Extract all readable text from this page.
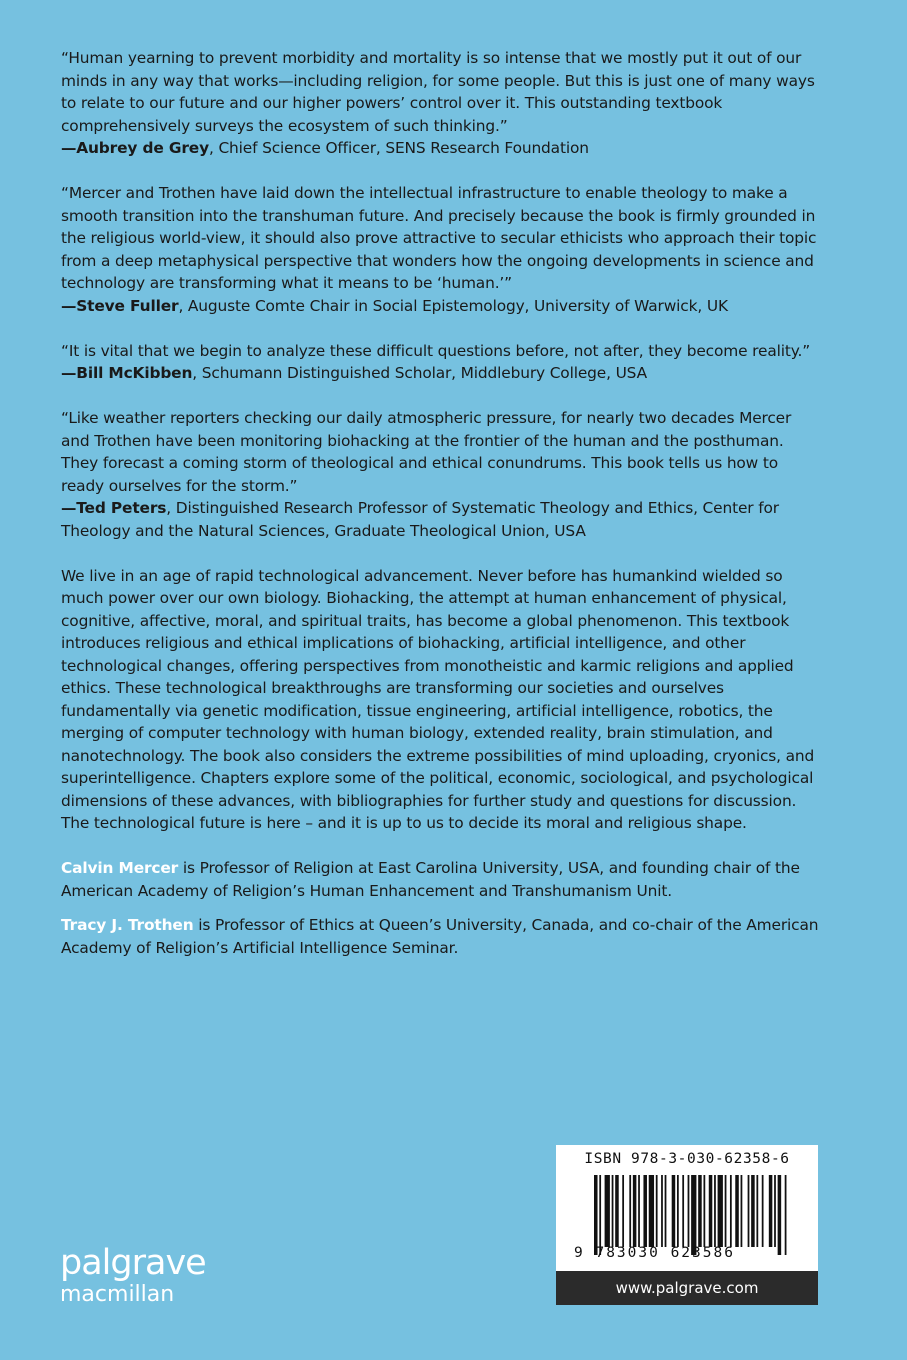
“Human yearning to prevent morbidity and mortality is so intense that we mostly put it out of our minds in any way that works—including religion, for some people. But this is just one of many ways to relate to our future and our higher powers’ control over it. This outstanding textbook comprehensively surveys the ecosystem of such thinking.”

—Aubrey de Grey, Chief Science Officer, SENS Research Foundation

“Mercer and Trothen have laid down the intellectual infrastructure to enable theology to make a smooth transition into the transhuman future. And precisely because the book is firmly grounded in the religious world-view, it should also prove attractive to secular ethicists who approach their topic from a deep metaphysical perspective that wonders how the ongoing developments in science and technology are transforming what it means to be ‘human.’”

—Steve Fuller, Auguste Comte Chair in Social Epistemology, University of Warwick, UK

“It is vital that we begin to analyze these difficult questions before, not after, they become reality.”

—Bill McKibben, Schumann Distinguished Scholar, Middlebury College, USA

“Like weather reporters checking our daily atmospheric pressure, for nearly two decades Mercer and Trothen have been monitoring biohacking at the frontier of the human and the posthuman. They forecast a coming storm of theological and ethical conundrums. This book tells us how to ready ourselves for the storm.”

—Ted Peters, Distinguished Research Professor of Systematic Theology and Ethics, Center for Theology and the Natural Sciences, Graduate Theological Union, USA

We live in an age of rapid technological advancement. Never before has humankind wielded so much power over our own biology. Biohacking, the attempt at human enhancement of physical, cognitive, affective, moral, and spiritual traits, has become a global phenomenon. This textbook introduces religious and ethical implications of biohacking, artificial intelligence, and other technological changes, offering perspectives from monotheistic and karmic religions and applied ethics. These technological breakthroughs are transforming our societies and ourselves fundamentally via genetic modification, tissue engineering, artificial intelligence, robotics, the merging of computer technology with human biology, extended reality, brain stimulation, and nanotechnology. The book also considers the extreme possibilities of mind uploading, cryonics, and superintelligence. Chapters explore some of the political, economic, sociological, and psychological dimensions of these advances, with bibliographies for further study and questions for discussion. The technological future is here – and it is up to us to decide its moral and religious shape.

Calvin Mercer is Professor of Religion at East Carolina University, USA, and founding chair of the American Academy of Religion’s Human Enhancement and Transhumanism Unit.

Tracy J. Trothen is Professor of Ethics at Queen’s University, Canada, and co-chair of the American Academy of Religion’s Artificial Intelligence Seminar.

palgrave
macmillan
ISBN 978-3-030-62358-6
9 783030 623586
www.palgrave.com
